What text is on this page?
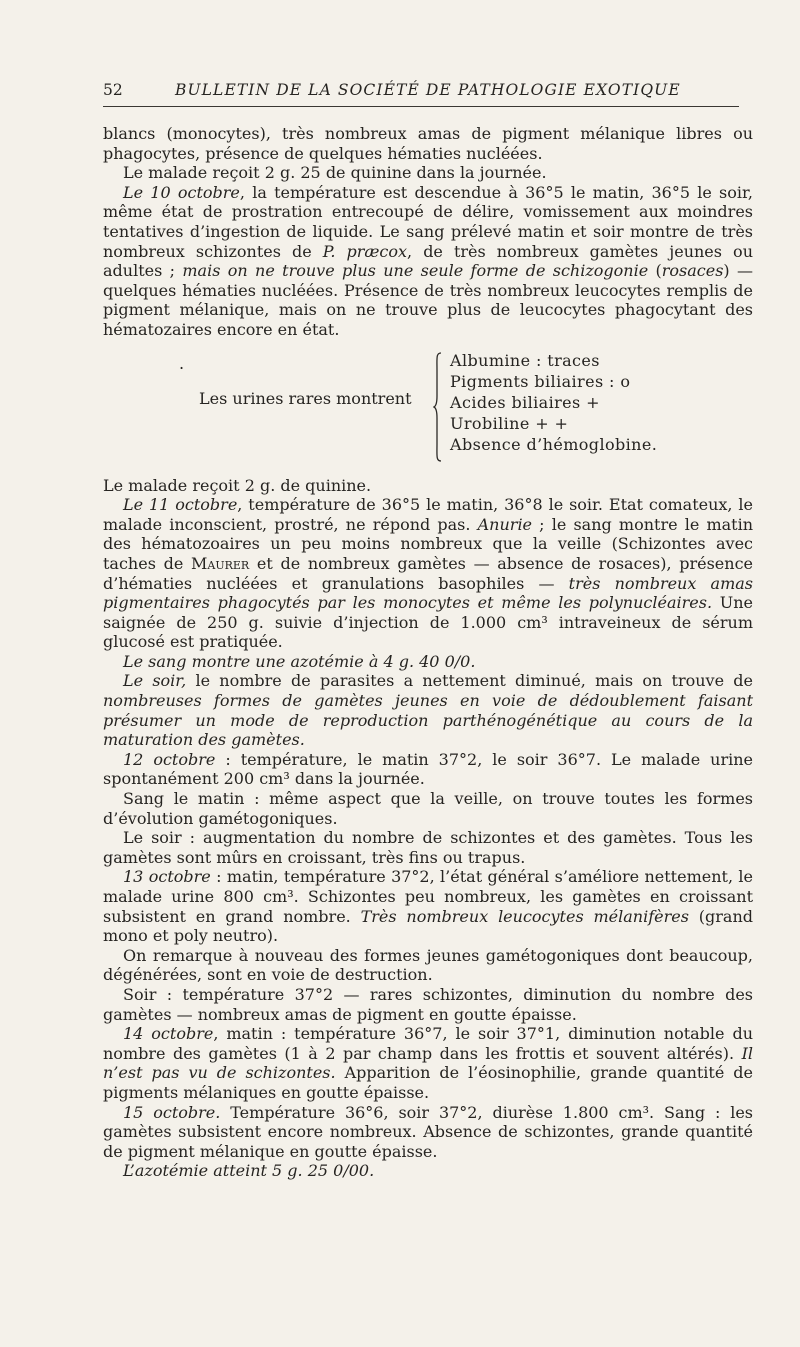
52	BULLETIN DE LA SOCIÉTÉ DE PATHOLOGIE EXOTIQUE

blancs (monocytes), très nombreux amas de pigment mélanique libres ou phagocytes, présence de quelques hématies nucléées.

Le malade reçoit 2 g. 25 de quinine dans la journée.

Le 10 octobre, la température est descendue à 36°5 le matin, 36°5 le soir, même état de prostration entrecoupé de délire, vomissement aux moindres tentatives d’ingestion de liquide. Le sang prélevé matin et soir montre de très nombreux schizontes de P. præcox, de très nombreux gamètes jeunes ou adultes ; mais on ne trouve plus une seule forme de schizogonie (rosaces) — quelques hématies nucléées. Présence de très nombreux leucocytes remplis de pigment mélanique, mais on ne trouve plus de leucocytes phagocytant des hématozaires encore en état.

.
Les urines rares montrent
Albumine : traces
Pigments biliaires : o
Acides biliaires +
Urobiline + +
Absence d’hémoglobine.

Le malade reçoit 2 g. de quinine.

Le 11 octobre, température de 36°5 le matin, 36°8 le soir. Etat comateux, le malade inconscient, prostré, ne répond pas. Anurie ; le sang montre le matin des hématozoaires un peu moins nombreux que la veille (Schizontes avec taches de Maurer et de nombreux gamètes — absence de rosaces), présence d’hématies nucléées et granulations basophiles — très nombreux amas pigmentaires phagocytés par les monocytes et même les polynucléaires. Une saignée de 250 g. suivie d’injection de 1.000 cm³ intraveineux de sérum glucosé est pratiquée.

Le sang montre une azotémie à 4 g. 40 0/0.

Le soir, le nombre de parasites a nettement diminué, mais on trouve de nombreuses formes de gamètes jeunes en voie de dédoublement faisant présumer un mode de reproduction parthénogénétique au cours de la maturation des gamètes.

12 octobre : température, le matin 37°2, le soir 36°7. Le malade urine spontanément 200 cm³ dans la journée.

Sang le matin : même aspect que la veille, on trouve toutes les formes d’évolution gamétogoniques.

Le soir : augmentation du nombre de schizontes et des gamètes. Tous les gamètes sont mûrs en croissant, très fins ou trapus.

13 octobre : matin, température 37°2, l’état général s’améliore nettement, le malade urine 800 cm³. Schizontes peu nombreux, les gamètes en croissant subsistent en grand nombre. Très nombreux leucocytes mélanifères (grand mono et poly neutro).

On remarque à nouveau des formes jeunes gamétogoniques dont beaucoup, dégénérées, sont en voie de destruction.

Soir : température 37°2 — rares schizontes, diminution du nombre des gamètes — nombreux amas de pigment en goutte épaisse.

14 octobre, matin : température 36°7, le soir 37°1, diminution notable du nombre des gamètes (1 à 2 par champ dans les frottis et souvent altérés). Il n’est pas vu de schizontes. Apparition de l’éosinophilie, grande quantité de pigments mélaniques en goutte épaisse.

15 octobre. Température 36°6, soir 37°2, diurèse 1.800 cm³. Sang : les gamètes subsistent encore nombreux. Absence de schizontes, grande quantité de pigment mélanique en goutte épaisse.

L’azotémie atteint 5 g. 25 0/00.
